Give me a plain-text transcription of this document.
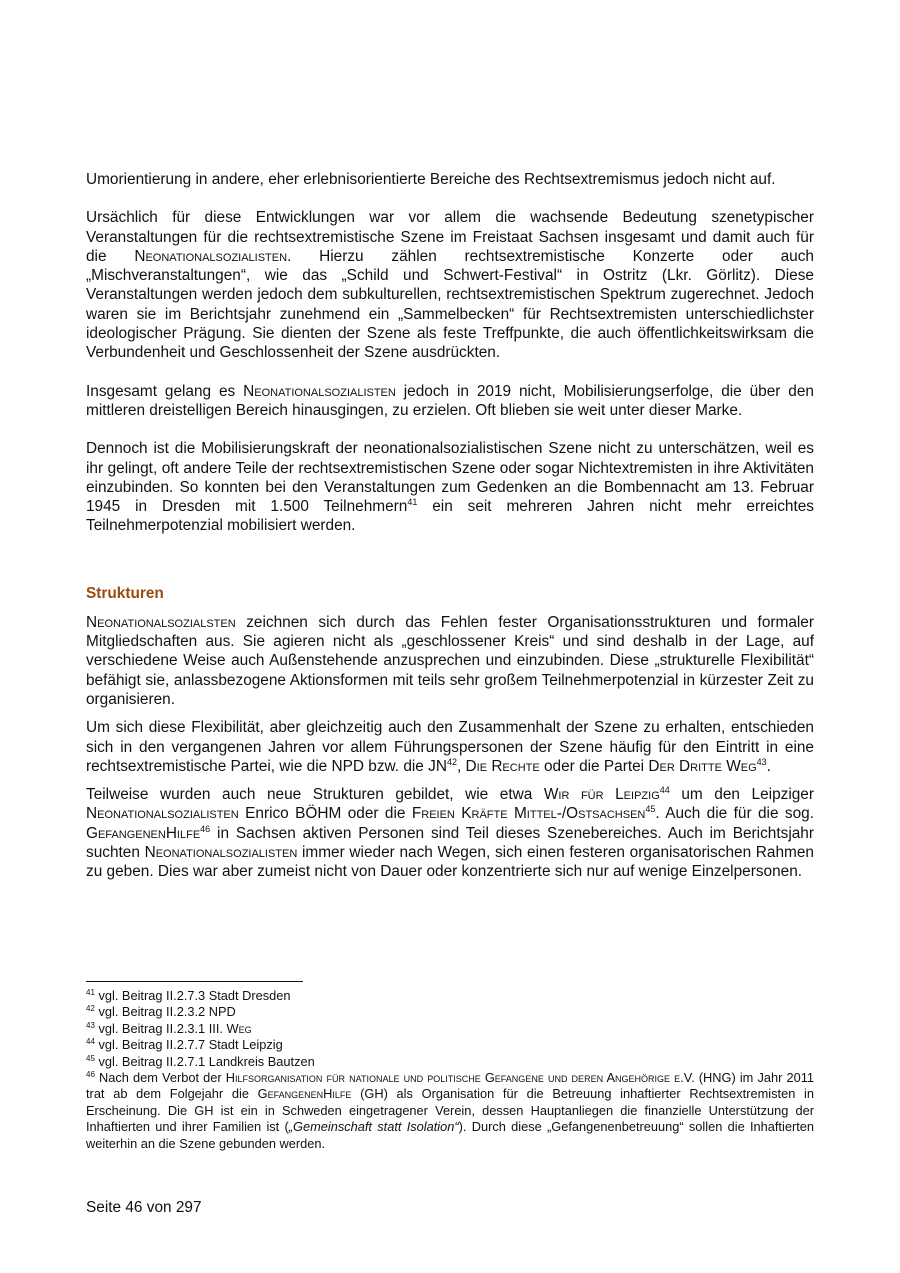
Umorientierung in andere, eher erlebnisorientierte Bereiche des Rechtsextremismus jedoch nicht auf.

Ursächlich für diese Entwicklungen war vor allem die wachsende Bedeutung szenetypischer Veranstaltungen für die rechtsextremistische Szene im Freistaat Sachsen insgesamt und damit auch für die Neonationalsozialisten. Hierzu zählen rechtsextremistische Konzerte oder auch „Mischveranstaltungen“, wie das „Schild und Schwert-Festival“ in Ostritz (Lkr. Görlitz). Diese Veranstaltungen werden jedoch dem subkulturellen, rechtsextremistischen Spektrum zugerechnet. Jedoch waren sie im Berichtsjahr zunehmend ein „Sammelbecken“ für Rechtsextremisten unterschiedlichster ideologischer Prägung. Sie dienten der Szene als feste Treffpunkte, die auch öffentlichkeitswirksam die Verbundenheit und Geschlossenheit der Szene ausdrückten.

Insgesamt gelang es Neonationalsozialisten jedoch in 2019 nicht, Mobilisierungserfolge, die über den mittleren dreistelligen Bereich hinausgingen, zu erzielen. Oft blieben sie weit unter dieser Marke.

Dennoch ist die Mobilisierungskraft der neonationalsozialistischen Szene nicht zu unterschätzen, weil es ihr gelingt, oft andere Teile der rechtsextremistischen Szene oder sogar Nichtextremisten in ihre Aktivitäten einzubinden. So konnten bei den Veranstaltungen zum Gedenken an die Bombennacht am 13. Februar 1945 in Dresden mit 1.500 Teilnehmern$^{41}$ ein seit mehreren Jahren nicht mehr erreichtes Teilnehmerpotenzial mobilisiert werden.

Strukturen

Neonationalsozialsten zeichnen sich durch das Fehlen fester Organisationsstrukturen und formaler Mitgliedschaften aus. Sie agieren nicht als „geschlossener Kreis“ und sind deshalb in der Lage, auf verschiedene Weise auch Außenstehende anzusprechen und einzubinden. Diese „strukturelle Flexibilität“ befähigt sie, anlassbezogene Aktionsformen mit teils sehr großem Teilnehmerpotenzial in kürzester Zeit zu organisieren.

Um sich diese Flexibilität, aber gleichzeitig auch den Zusammenhalt der Szene zu erhalten, entschieden sich in den vergangenen Jahren vor allem Führungspersonen der Szene häufig für den Eintritt in eine rechtsextremistische Partei, wie die NPD bzw. die JN$^{42}$, Die Rechte oder die Partei Der Dritte Weg$^{43}$.

Teilweise wurden auch neue Strukturen gebildet, wie etwa Wir für Leipzig$^{44}$ um den Leipziger Neonationalsozialisten Enrico BÖHM oder die Freien Kräfte Mittel-/Ostsachsen$^{45}$. Auch die für die sog. GefangenenHilfe$^{46}$ in Sachsen aktiven Personen sind Teil dieses Szenebereiches. Auch im Berichtsjahr suchten Neonationalsozialisten immer wieder nach Wegen, sich einen festeren organisatorischen Rahmen zu geben. Dies war aber zumeist nicht von Dauer oder konzentrierte sich nur auf wenige Einzelpersonen.

$^{41}$ vgl. Beitrag II.2.7.3 Stadt Dresden

$^{42}$ vgl. Beitrag II.2.3.2 NPD

$^{43}$ vgl. Beitrag II.2.3.1 III. Weg

$^{44}$ vgl. Beitrag II.2.7.7 Stadt Leipzig

$^{45}$ vgl. Beitrag II.2.7.1 Landkreis Bautzen

$^{46}$ Nach dem Verbot der Hilfsorganisation für nationale und politische Gefangene und deren Angehörige e.V. (HNG) im Jahr 2011 trat ab dem Folgejahr die GefangenenHilfe (GH) als Organisation für die Betreuung inhaftierter Rechtsextremisten in Erscheinung. Die GH ist ein in Schweden eingetragener Verein, dessen Hauptanliegen die finanzielle Unterstützung der Inhaftierten und ihrer Familien ist („Gemeinschaft statt Isolation“). Durch diese „Gefangenenbetreuung“ sollen die Inhaftierten weiterhin an die Szene gebunden werden.

Seite 46 von 297
